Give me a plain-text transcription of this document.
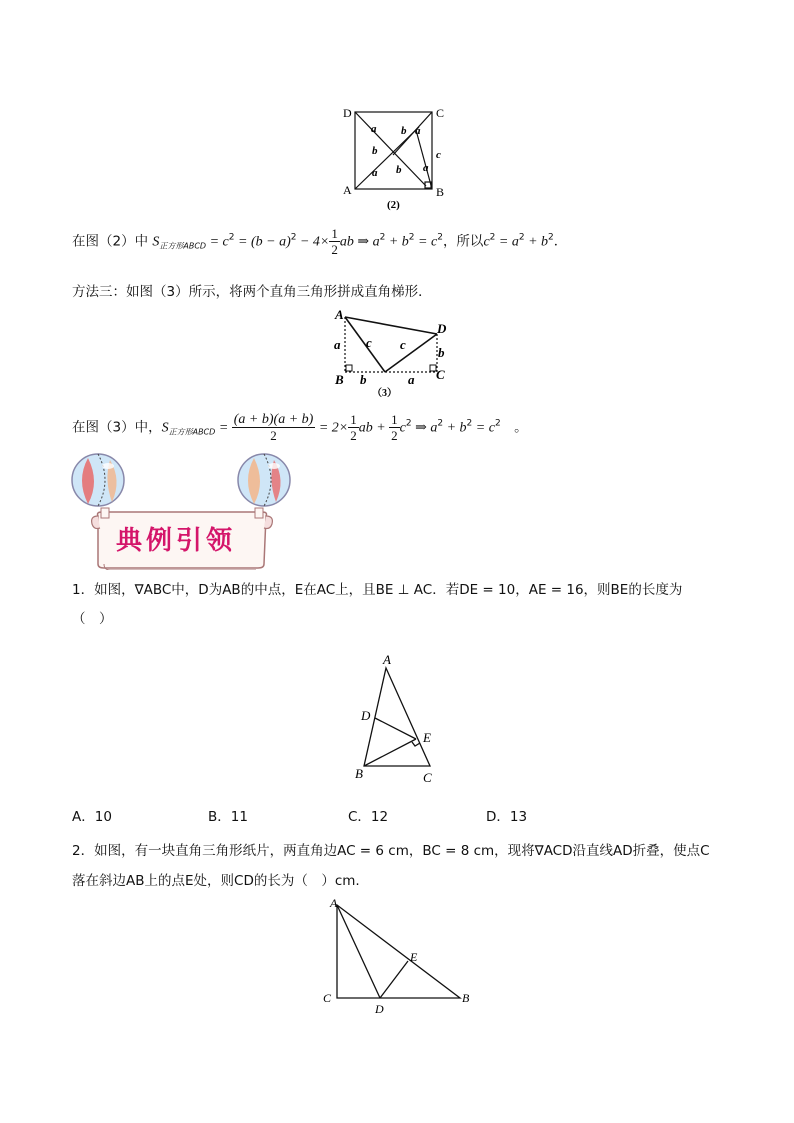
D	C
A	B
a b a
b	c
a
a b
(2)
在图（2）中 $S_{正方形ABCD} = c^2 = (b - a)^2 - 4\times \frac{1}{2}$ ab ⇒ $a^2 + b^2 = c^2$，所以$c^2 = a^2 + b^2$．
方法三：如图（3）所示，将两个直角三角形拼成直角梯形．
A
D
B	C
a c c
b
b	a
（3）
在图（3）中，$S_{正方形ABCD} = \frac{(a + b)(a + b)}{2} = 2\times \frac{1}{2}$ ab + $\frac{1}{2} c^2$ ⇒ $a^2 + b^2 = c^2$　。
典例引领
1．如图，∇ABC中，D为AB的中点，E在AC上，且BE ⊥ AC．若DE = 10，AE = 16，则BE的长度为
（　）
A
D
E
B	C
A．10	B．11	C．12	D．13
2．如图，有一块直角三角形纸片，两直角边AC = 6 cm，BC = 8 cm，现将∇ACD沿直线AD折叠，使点C
落在斜边AB上的点E处，则CD的长为（　）cm.
A
E
C
D
B
